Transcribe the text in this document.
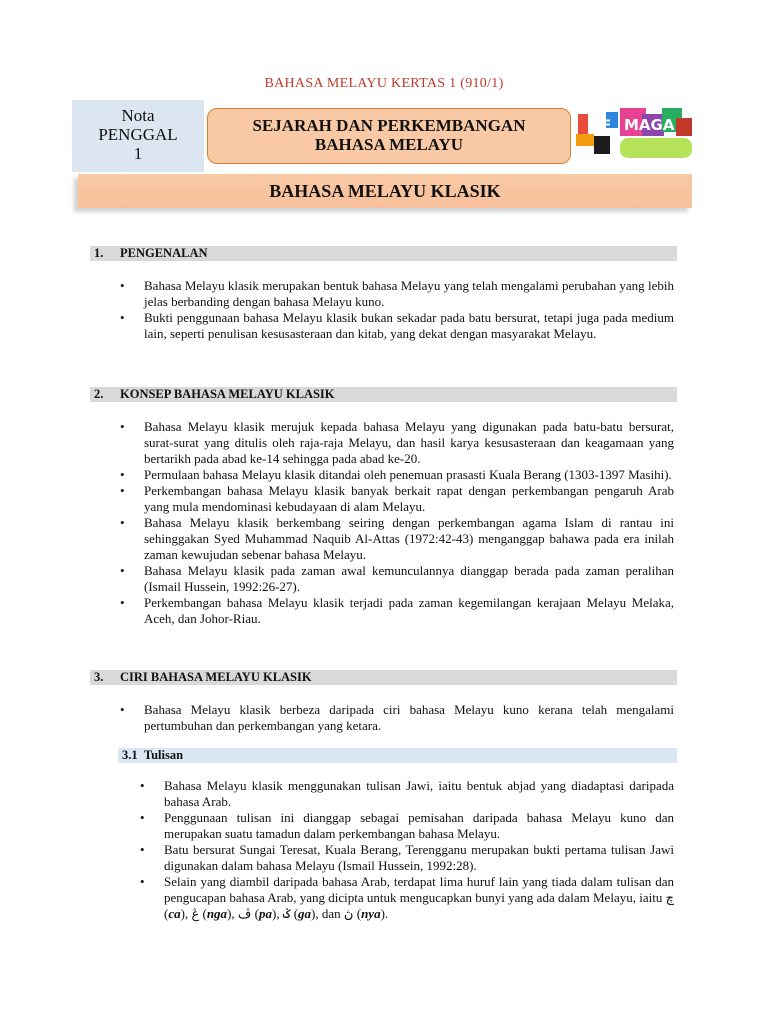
BAHASA MELAYU KERTAS 1 (910/1)
Nota
PENGGAL
1
SEJARAH DAN PERKEMBANGAN
BAHASA MELAYU
DE MAGA
BAHASA MELAYU KLASIK
1. PENGENALAN
• Bahasa Melayu klasik merupakan bentuk bahasa Melayu yang telah mengalami perubahan yang lebih jelas berbanding dengan bahasa Melayu kuno.
• Bukti penggunaan bahasa Melayu klasik bukan sekadar pada batu bersurat, tetapi juga pada medium lain, seperti penulisan kesusasteraan dan kitab, yang dekat dengan masyarakat Melayu.
2. KONSEP BAHASA MELAYU KLASIK
• Bahasa Melayu klasik merujuk kepada bahasa Melayu yang digunakan pada batu-batu bersurat, surat-surat yang ditulis oleh raja-raja Melayu, dan hasil karya kesusasteraan dan keagamaan yang bertarikh pada abad ke-14 sehingga pada abad ke-20.
• Permulaan bahasa Melayu klasik ditandai oleh penemuan prasasti Kuala Berang (1303-1397 Masihi).
• Perkembangan bahasa Melayu klasik banyak berkait rapat dengan perkembangan pengaruh Arab yang mula mendominasi kebudayaan di alam Melayu.
• Bahasa Melayu klasik berkembang seiring dengan perkembangan agama Islam di rantau ini sehinggakan Syed Muhammad Naquib Al-Attas (1972:42-43) menganggap bahawa pada era inilah zaman kewujudan sebenar bahasa Melayu.
• Bahasa Melayu klasik pada zaman awal kemunculannya dianggap berada pada zaman peralihan (Ismail Hussein, 1992:26-27).
• Perkembangan bahasa Melayu klasik terjadi pada zaman kegemilangan kerajaan Melayu Melaka, Aceh, dan Johor-Riau.
3. CIRI BAHASA MELAYU KLASIK
• Bahasa Melayu klasik berbeza daripada ciri bahasa Melayu kuno kerana telah mengalami pertumbuhan dan perkembangan yang ketara.
3.1 Tulisan
• Bahasa Melayu klasik menggunakan tulisan Jawi, iaitu bentuk abjad yang diadaptasi daripada bahasa Arab.
• Penggunaan tulisan ini dianggap sebagai pemisahan daripada bahasa Melayu kuno dan merupakan suatu tamadun dalam perkembangan bahasa Melayu.
• Batu bersurat Sungai Teresat, Kuala Berang, Terengganu merupakan bukti pertama tulisan Jawi digunakan dalam bahasa Melayu (Ismail Hussein, 1992:28).
• Selain yang diambil daripada bahasa Arab, terdapat lima huruf lain yang tiada dalam tulisan dan pengucapan bahasa Arab, yang dicipta untuk mengucapkan bunyi yang ada dalam Melayu, iaitu چ (ca), ڠ (nga), ڤ (pa), ݢ (ga), dan ڽ (nya).
